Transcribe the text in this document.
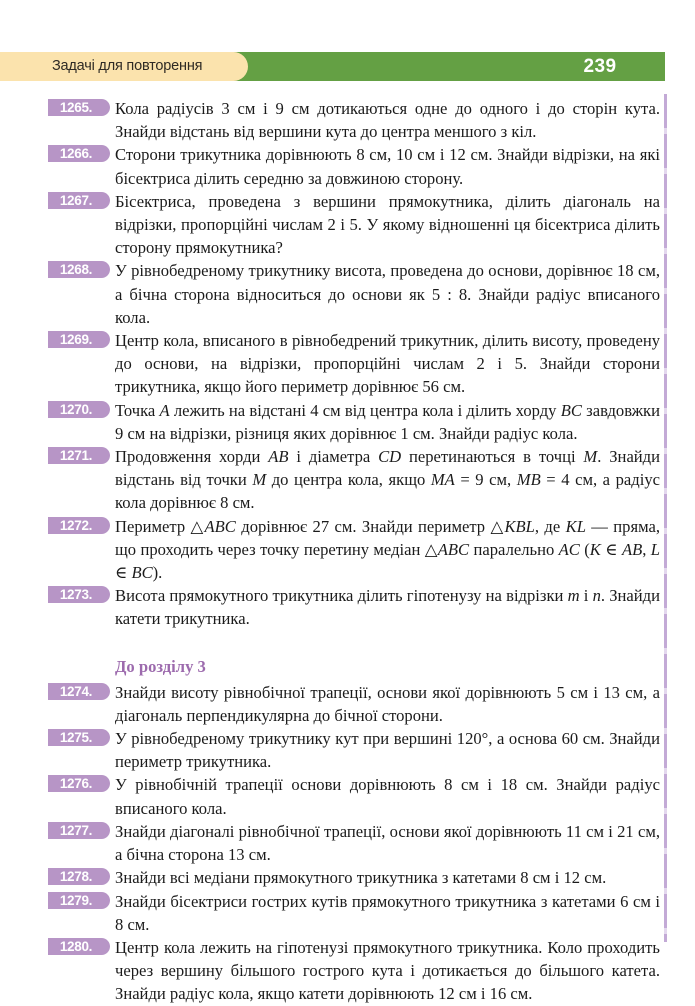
Задачі для повторення	239
1265.	Кола радіусів 3 см і 9 см дотикаються одне до одного і до сторін кута. Знайди відстань від вершини кута до центра меншого з кіл.

1266.	Сторони трикутника дорівнюють 8 см, 10 см і 12 см. Знайди відрізки, на які бісектриса ділить середню за довжиною сторону.

1267.	Бісектриса, проведена з вершини прямокутника, ділить діагональ на відрізки, пропорційні числам 2 і 5. У якому відношенні ця бісектриса ділить сторону прямокутника?

1268.	У рівнобедреному трикутнику висота, проведена до основи, дорівнює 18 см, а бічна сторона відноситься до основи як 5 : 8. Знайди радіус вписаного кола.

1269.	Центр кола, вписаного в рівнобедрений трикутник, ділить висоту, проведену до основи, на відрізки, пропорційні числам 2 і 5. Знайди сторони трикутника, якщо його периметр дорівнює 56 см.

1270.	Точка A лежить на відстані 4 см від центра кола і ділить хорду BC завдовжки 9 см на відрізки, різниця яких дорівнює 1 см. Знайди радіус кола.

1271.	Продовження хорди AB і діаметра CD перетинаються в точці M. Знайди відстань від точки M до центра кола, якщо MA = 9 см, MB = 4 см, а радіус кола дорівнює 8 см.

1272.	Периметр △ABC дорівнює 27 см. Знайди периметр △KBL, де KL — пряма, що проходить через точку перетину медіан △ABC паралельно AC (K ∈ AB, L ∈ BC).

1273.	Висота прямокутного трикутника ділить гіпотенузу на відрізки m і n. Знайди катети трикутника.

До розділу 3
1274.	Знайди висоту рівнобічної трапеції, основи якої дорівнюють 5 см і 13 см, а діагональ перпендикулярна до бічної сторони.

1275.	У рівнобедреному трикутнику кут при вершині 120°, а основа 60 см. Знайди периметр трикутника.

1276.	У рівнобічній трапеції основи дорівнюють 8 см і 18 см. Знайди радіус вписаного кола.

1277.	Знайди діагоналі рівнобічної трапеції, основи якої дорівнюють 11 см і 21 см, а бічна сторона 13 см.

1278.	Знайди всі медіани прямокутного трикутника з катетами 8 см і 12 см.

1279.	Знайди бісектриси гострих кутів прямокутного трикутника з катетами 6 см і 8 см.

1280.	Центр кола лежить на гіпотенузі прямокутного трикутника. Коло проходить через вершину більшого гострого кута і дотикається до більшого катета. Знайди радіус кола, якщо катети дорівнюють 12 см і 16 см.
